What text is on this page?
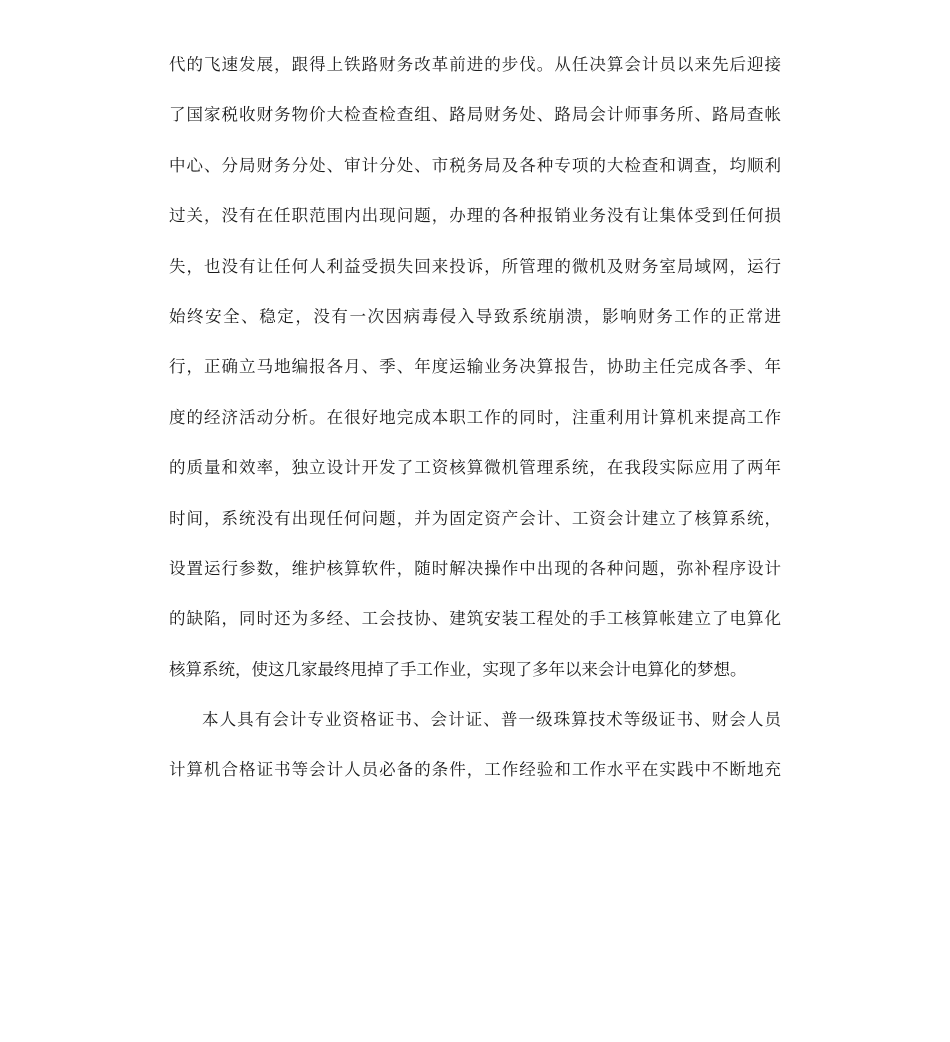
代的飞速发展，跟得上铁路财务改革前进的步伐。从任决算会计员以来先后迎接
了国家税收财务物价大检查检查组、路局财务处、路局会计师事务所、路局查帐
中心、分局财务分处、审计分处、市税务局及各种专项的大检查和调查，均顺利
过关，没有在任职范围内出现问题，办理的各种报销业务没有让集体受到任何损
失，也没有让任何人利益受损失回来投诉，所管理的微机及财务室局域网，运行
始终安全、稳定，没有一次因病毒侵入导致系统崩溃，影响财务工作的正常进
行，正确立马地编报各月、季、年度运输业务决算报告，协助主任完成各季、年
度的经济活动分析。在很好地完成本职工作的同时，注重利用计算机来提高工作
的质量和效率，独立设计开发了工资核算微机管理系统，在我段实际应用了两年
时间，系统没有出现任何问题，并为固定资产会计、工资会计建立了核算系统，
设置运行参数，维护核算软件，随时解决操作中出现的各种问题，弥补程序设计
的缺陷，同时还为多经、工会技协、建筑安装工程处的手工核算帐建立了电算化
核算系统，使这几家最终甩掉了手工作业，实现了多年以来会计电算化的梦想。
本人具有会计专业资格证书、会计证、普一级珠算技术等级证书、财会人员
计算机合格证书等会计人员必备的条件，工作经验和工作水平在实践中不断地充
